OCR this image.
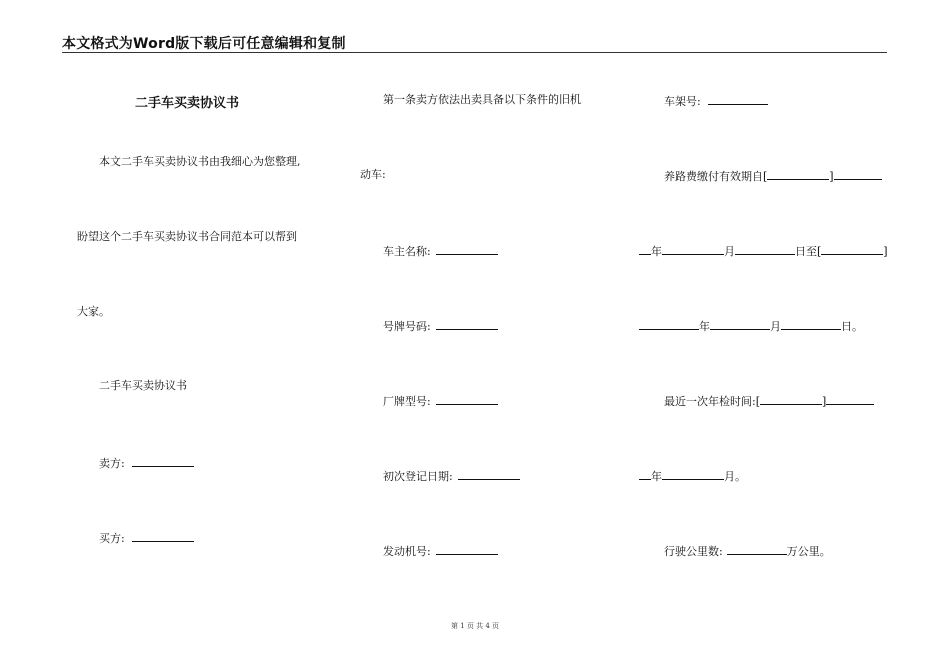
本文格式为Word版下载后可任意编辑和复制
二手车买卖协议书
本文二手车买卖协议书由我细心为您整理,
盼望这个二手车买卖协议书合同范本可以帮到
大家。
二手车买卖协议书
卖方:
买方:
第一条卖方依法出卖具备以下条件的旧机
动车:
车主名称:
号牌号码:
厂牌型号:
初次登记日期:
发动机号:
车架号:
养路费缴付有效期自[	]
年	月	日至[	]
年	月	日。
最近一次年检时间:[	]
年	月。
行驶公里数:	万公里。
第 1 页 共 4 页
